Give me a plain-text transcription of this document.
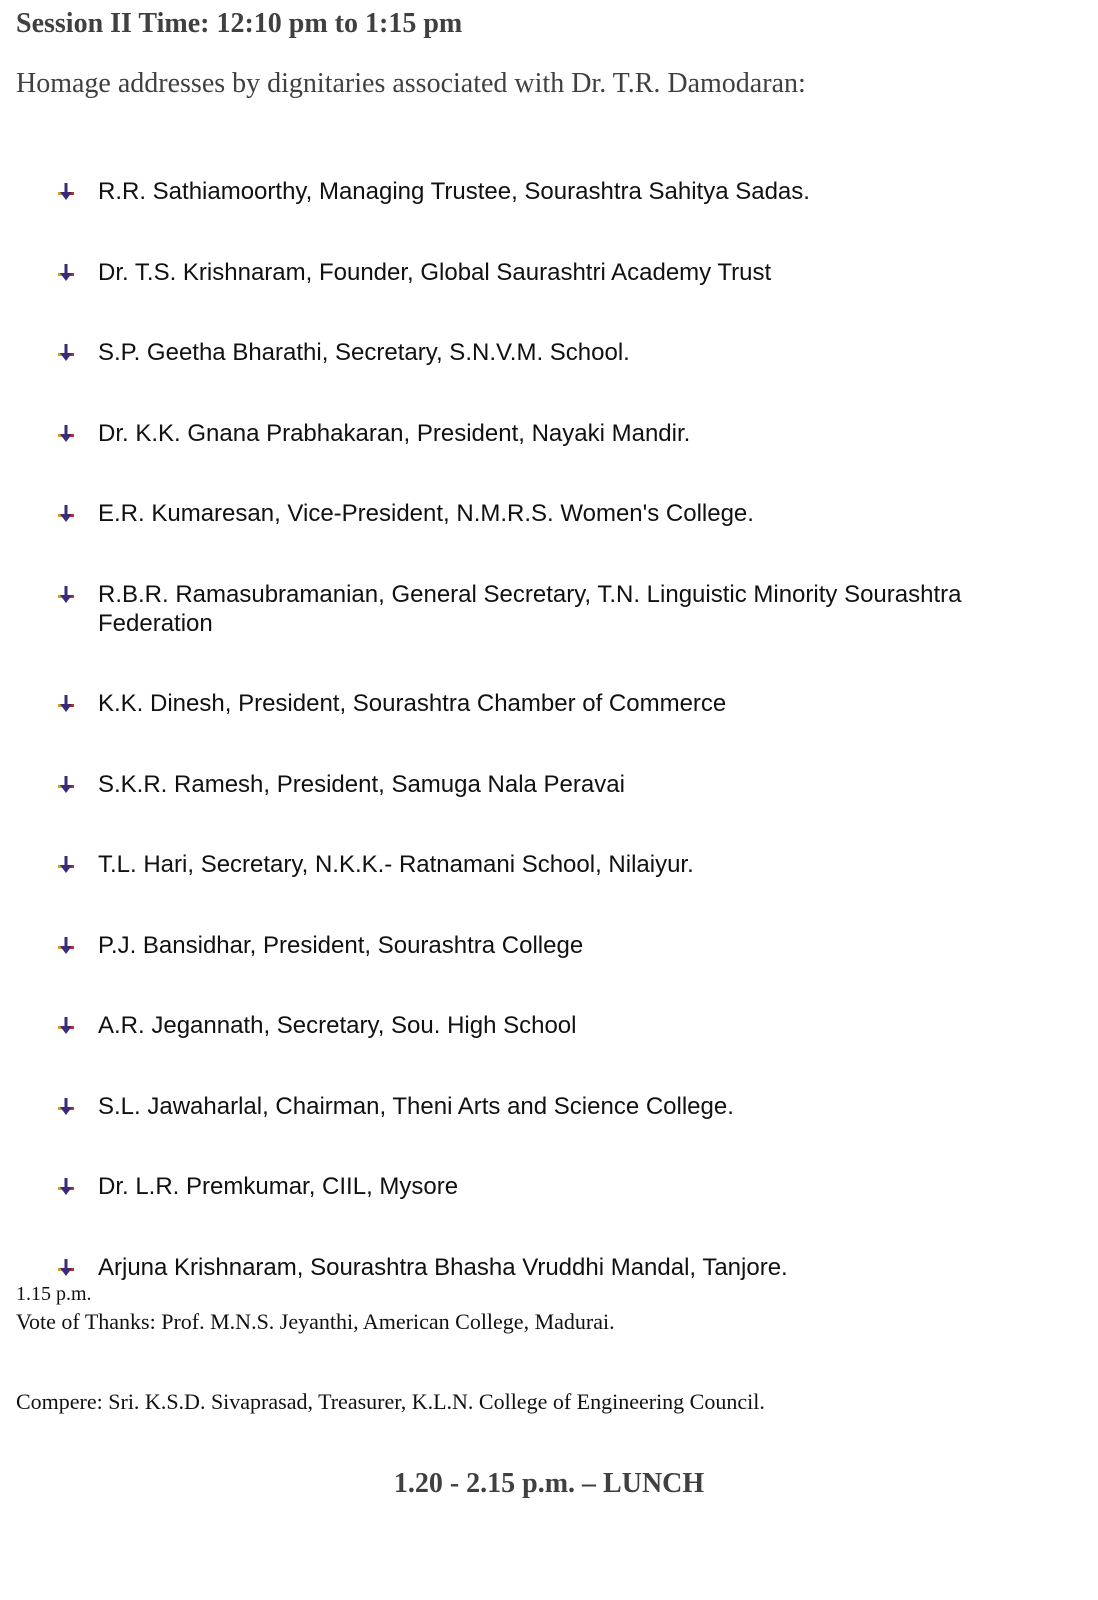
Session II Time: 12:10 pm to 1:15 pm
Homage addresses by dignitaries associated with Dr. T.R. Damodaran:
R.R. Sathiamoorthy, Managing Trustee, Sourashtra Sahitya Sadas.
Dr. T.S. Krishnaram, Founder, Global Saurashtri Academy Trust
S.P. Geetha Bharathi, Secretary, S.N.V.M. School.
Dr. K.K. Gnana Prabhakaran, President, Nayaki Mandir.
E.R. Kumaresan, Vice-President, N.M.R.S. Women's College.
R.B.R. Ramasubramanian, General Secretary, T.N. Linguistic Minority Sourashtra Federation
K.K. Dinesh, President, Sourashtra Chamber of Commerce
S.K.R. Ramesh, President, Samuga Nala Peravai
T.L. Hari, Secretary, N.K.K.- Ratnamani School, Nilaiyur.
P.J. Bansidhar, President, Sourashtra College
A.R. Jegannath, Secretary, Sou. High School
S.L. Jawaharlal, Chairman, Theni Arts and Science College.
Dr. L.R. Premkumar, CIIL, Mysore
Arjuna Krishnaram, Sourashtra Bhasha Vruddhi Mandal, Tanjore.
1.15 p.m.
Vote of Thanks: Prof. M.N.S. Jeyanthi, American College, Madurai.
Compere: Sri. K.S.D. Sivaprasad, Treasurer, K.L.N. College of Engineering Council.
1.20 - 2.15 p.m. – LUNCH
